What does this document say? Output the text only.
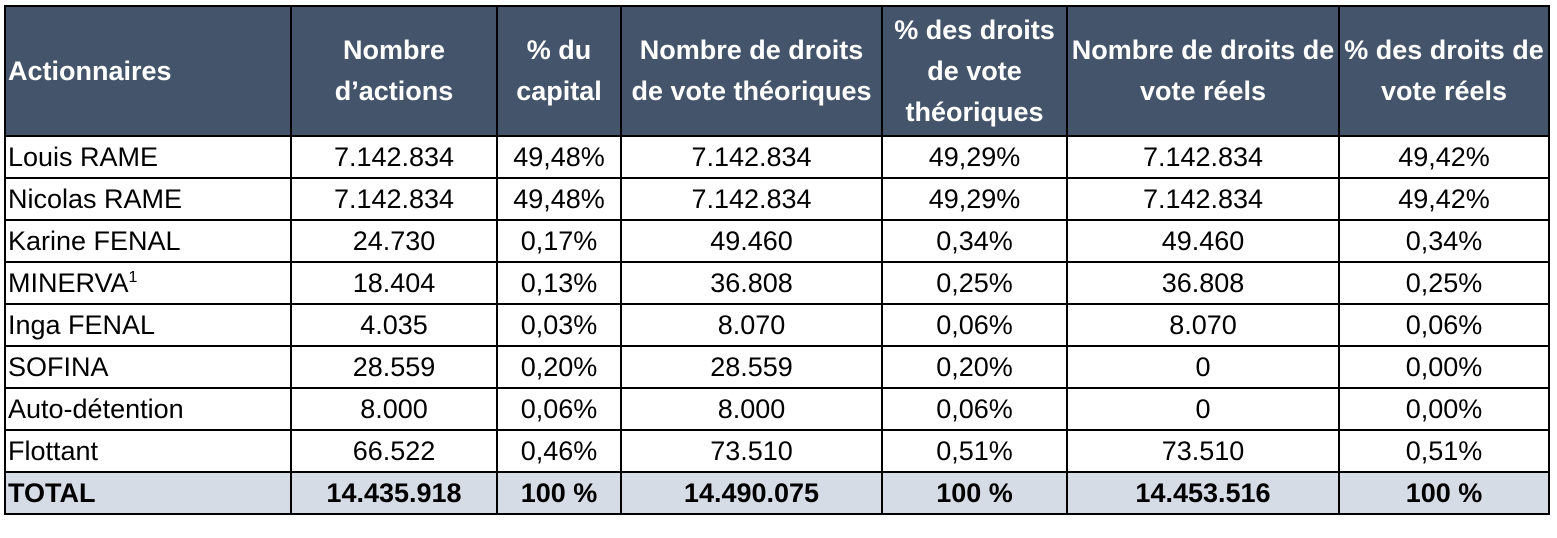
Actionnaires	Nombre d’actions	% du capital	Nombre de droits de vote théoriques	% des droits de vote théoriques	Nombre de droits de vote réels	% des droits de vote réels
Louis RAME	7.142.834	49,48%	7.142.834	49,29%	7.142.834	49,42%
Nicolas RAME	7.142.834	49,48%	7.142.834	49,29%	7.142.834	49,42%
Karine FENAL	24.730	0,17%	49.460	0,34%	49.460	0,34%
MINERVA$^1$	18.404	0,13%	36.808	0,25%	36.808	0,25%
Inga FENAL	4.035	0,03%	8.070	0,06%	8.070	0,06%
SOFINA	28.559	0,20%	28.559	0,20%	0	0,00%
Auto-détention	8.000	0,06%	8.000	0,06%	0	0,00%
Flottant	66.522	0,46%	73.510	0,51%	73.510	0,51%
TOTAL	14.435.918	100 %	14.490.075	100 %	14.453.516	100 %
